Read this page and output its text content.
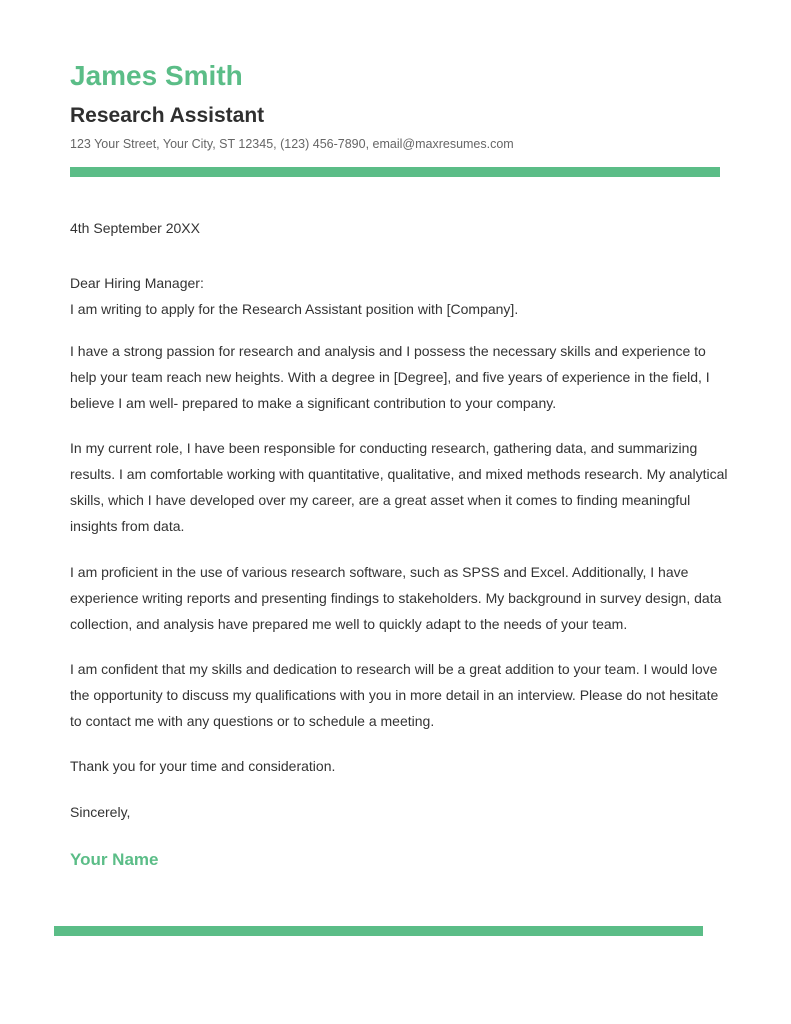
James Smith
Research Assistant
123 Your Street, Your City, ST 12345, (123) 456-7890, email@maxresumes.com
4th September 20XX
Dear Hiring Manager:

I am writing to apply for the Research Assistant position with [Company].

I have a strong passion for research and analysis and I possess the necessary skills and experience to help your team reach new heights. With a degree in [Degree], and five years of experience in the field, I believe I am well- prepared to make a significant contribution to your company.

In my current role, I have been responsible for conducting research, gathering data, and summarizing results. I am comfortable working with quantitative, qualitative, and mixed methods research. My analytical skills, which I have developed over my career, are a great asset when it comes to finding meaningful insights from data.

I am proficient in the use of various research software, such as SPSS and Excel. Additionally, I have experience writing reports and presenting findings to stakeholders. My background in survey design, data collection, and analysis have prepared me well to quickly adapt to the needs of your team.

I am confident that my skills and dedication to research will be a great addition to your team. I would love the opportunity to discuss my qualifications with you in more detail in an interview. Please do not hesitate to contact me with any questions or to schedule a meeting.

Thank you for your time and consideration.

Sincerely,
Your Name
